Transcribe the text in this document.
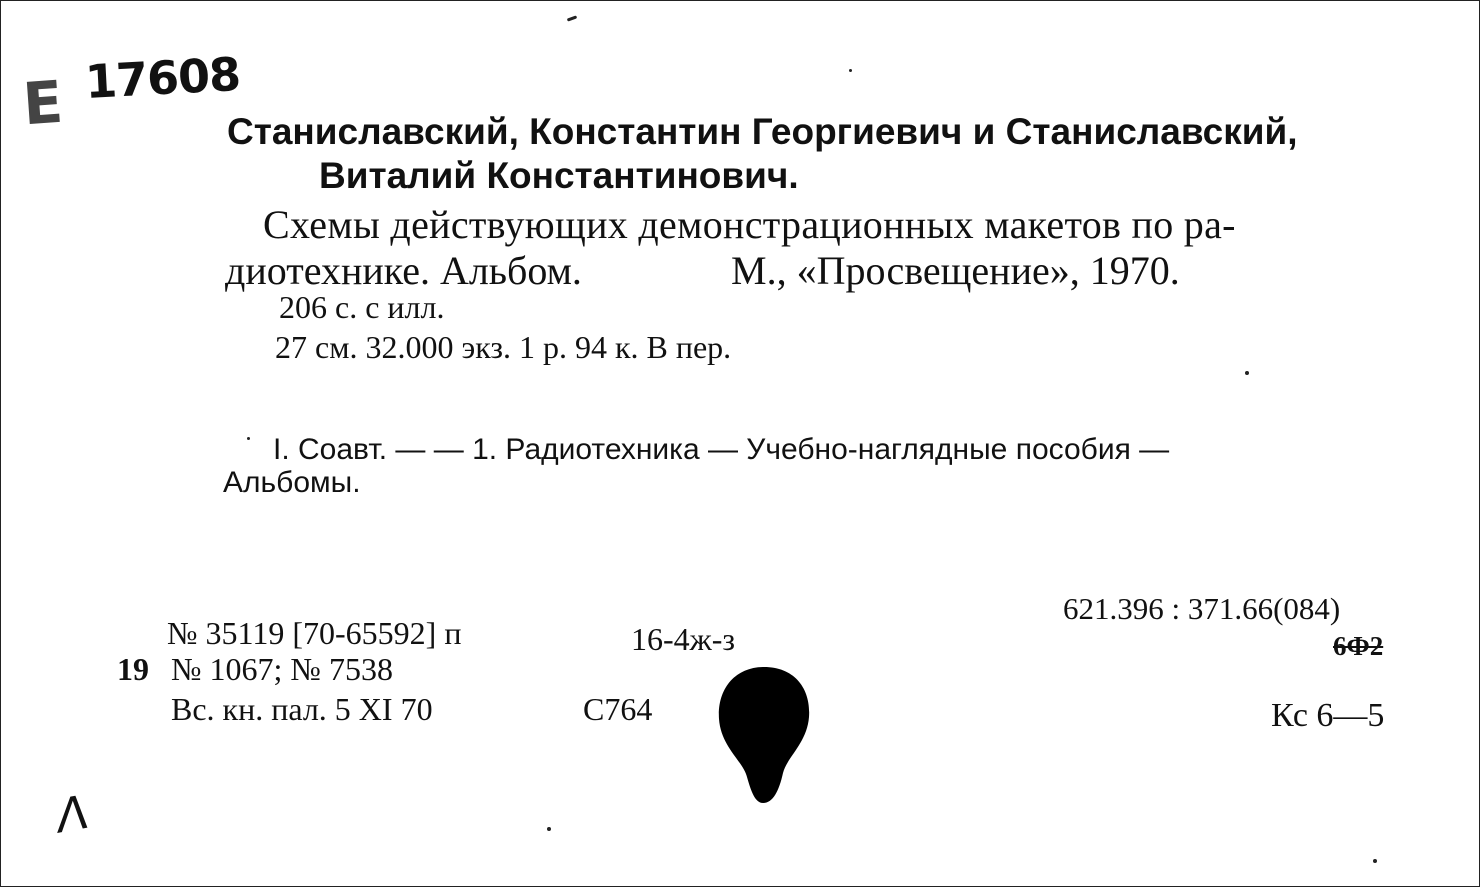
Е 17608
Станиславский, Константин Георгиевич и Станиславский,
Виталий Константинович.
Схемы действующих демонстрационных макетов по ра-
диотехнике. Альбом.	М., «Просвещение», 1970.
206 с. с илл.
27 см. 32.000 экз. 1 р. 94 к. В пер.
I. Соавт. — — 1. Радиотехника — Учебно-наглядные пособия —
Альбомы.
621.396 : 371.66(084)
6Ф2
№ 35119 [70-65592] п	16-4ж-з
19 № 1067; № 7538
Вс. кн. пал. 5 XI 70	С764	Кс 6—5
Λ
